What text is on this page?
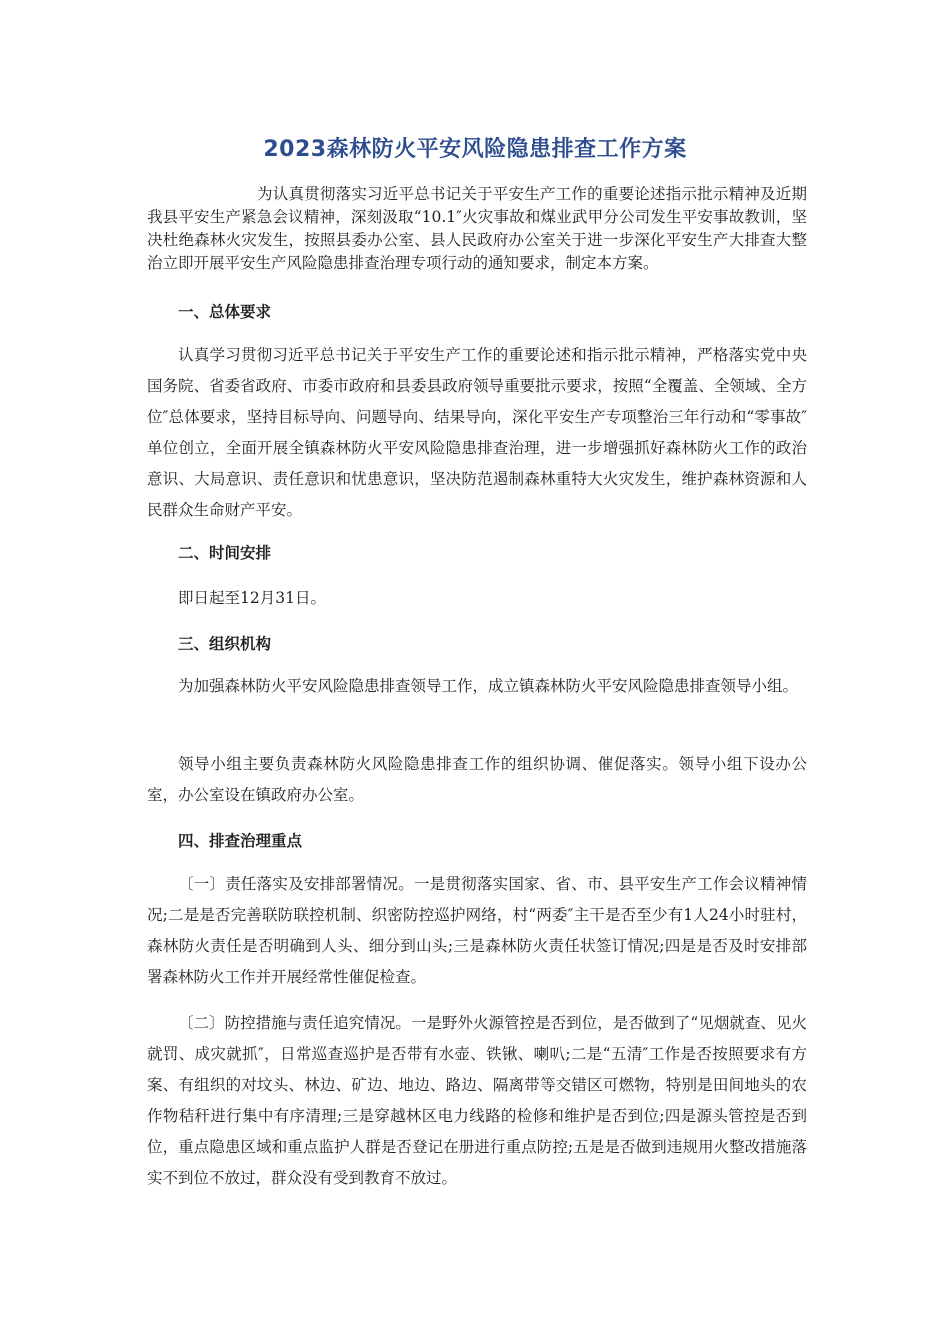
2023森林防火平安风险隐患排查工作方案

为认真贯彻落实习近平总书记关于平安生产工作的重要论述指示批示精神及近期我县平安生产紧急会议精神，深刻汲取“10.1″火灾事故和煤业武甲分公司发生平安事故教训，坚决杜绝森林火灾发生，按照县委办公室、县人民政府办公室关于进一步深化平安生产大排查大整治立即开展平安生产风险隐患排查治理专项行动的通知要求，制定本方案。

一、总体要求

认真学习贯彻习近平总书记关于平安生产工作的重要论述和指示批示精神，严格落实党中央国务院、省委省政府、市委市政府和县委县政府领导重要批示要求，按照“全覆盖、全领域、全方位″总体要求，坚持目标导向、问题导向、结果导向，深化平安生产专项整治三年行动和“零事故″单位创立，全面开展全镇森林防火平安风险隐患排查治理，进一步增强抓好森林防火工作的政治意识、大局意识、责任意识和忧患意识，坚决防范遏制森林重特大火灾发生，维护森林资源和人民群众生命财产平安。

二、时间安排

即日起至12月31日。

三、组织机构

为加强森林防火平安风险隐患排查领导工作，成立镇森林防火平安风险隐患排查领导小组。

领导小组主要负责森林防火风险隐患排查工作的组织协调、催促落实。领导小组下设办公室，办公室设在镇政府办公室。

四、排查治理重点

〔一〕责任落实及安排部署情况。一是贯彻落实国家、省、市、县平安生产工作会议精神情况;二是是否完善联防联控机制、织密防控巡护网络，村“两委″主干是否至少有1人24小时驻村，森林防火责任是否明确到人头、细分到山头;三是森林防火责任状签订情况;四是是否及时安排部署森林防火工作并开展经常性催促检查。

〔二〕防控措施与责任追究情况。一是野外火源管控是否到位，是否做到了“见烟就查、见火就罚、成灾就抓″，日常巡查巡护是否带有水壶、铁锹、喇叭;二是“五清″工作是否按照要求有方案、有组织的对坟头、林边、矿边、地边、路边、隔离带等交错区可燃物，特别是田间地头的农作物秸秆进行集中有序清理;三是穿越林区电力线路的检修和维护是否到位;四是源头管控是否到位，重点隐患区域和重点监护人群是否登记在册进行重点防控;五是是否做到违规用火整改措施落实不到位不放过，群众没有受到教育不放过。
